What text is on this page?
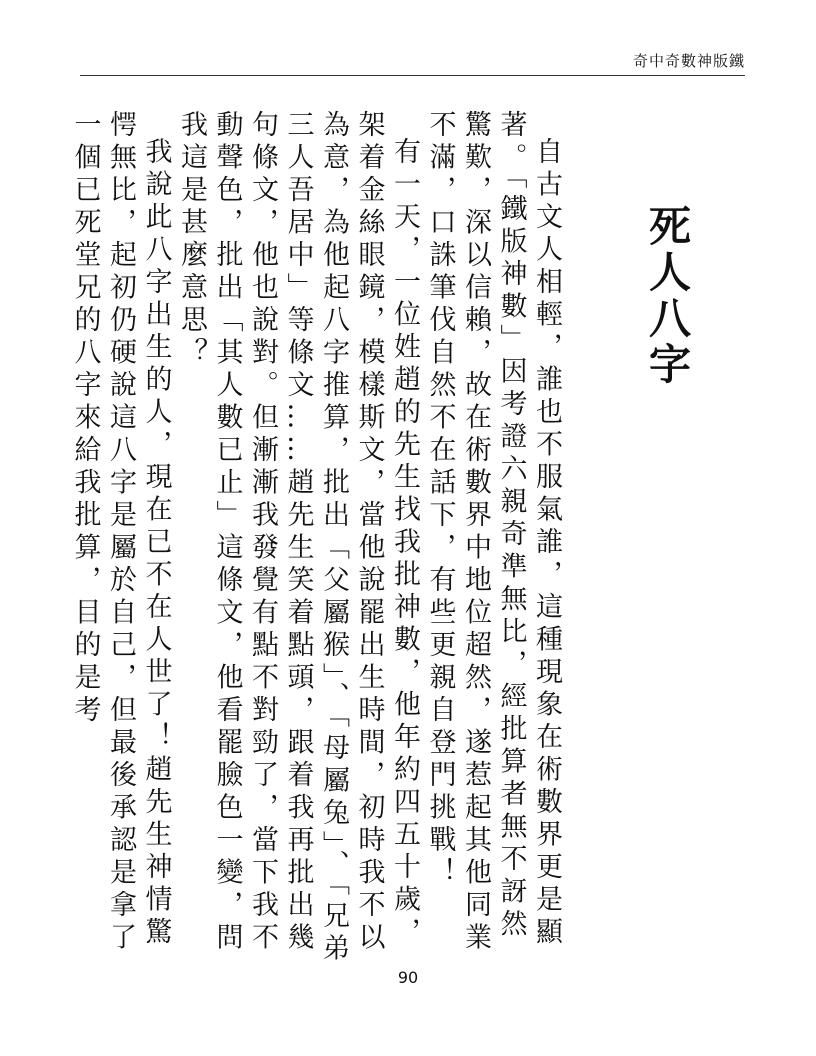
奇中奇數神版鐵
死人八字

自古文人相輕，誰也不服氣誰，這種現象在術數界更是顯著。「鐵版神數」因考證六親奇準無比，經批算者無不訝然驚歎，深以信賴，故在術數界中地位超然，遂惹起其他同業不滿，口誅筆伐自然不在話下，有些更親自登門挑戰！

有一天，一位姓趙的先生找我批神數，他年約四五十歲，架着金絲眼鏡，模樣斯文，當他說罷出生時間，初時我不以為意，為他起八字推算，批出「父屬猴」、「母屬兔」、「兄弟三人吾居中」等條文……趙先生笑着點頭，跟着我再批出幾句條文，他也說對。但漸漸我發覺有點不對勁了，當下我不動聲色，批出「其人數已止」這條文，他看罷臉色一變，問我這是甚麼意思？

我說此八字出生的人，現在已不在人世了！趙先生神情驚愕無比，起初仍硬說這八字是屬於自己，但最後承認是拿了一個已死堂兄的八字來給我批算，目的是考

90
